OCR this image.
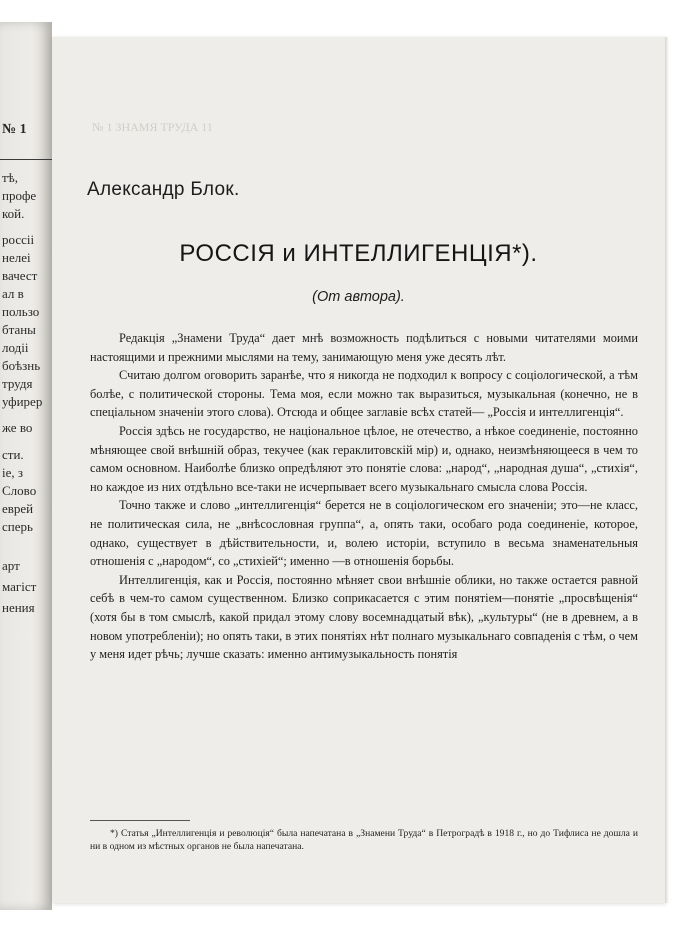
№ 1
тѣ,
профе
кой.
россіі
нелеі
вачест
ал в
пользо
бтаны
лодіі
боѣзнь
трудя
уфирер
же во
сти.
іе, з
Слово
еврей
сперь
арт
магіст
нения
№ 1 ЗНАМЯ ТРУДА 11
Александр Блок.
РОССІЯ и ИНТЕЛЛИГЕНЦІЯ*).
(От автора).

Редакція „Знамени Труда“ дает мнѣ возможность подѣлиться с новыми читателями моими настоящими и прежними мыслями на тему, занимающую меня уже десять лѣт.

Считаю долгом оговорить заранѣе, что я никогда не подходил к вопросу с соціологической, а тѣм болѣе, с политической стороны. Тема моя, если можно так выразиться, музыкальная (конечно, не в спеціальном значеніи этого слова). Отсюда и общее заглавіе всѣх статей— „Россія и интеллигенція“.

Россія здѣсь не государство, не національное цѣлое, не отечество, а нѣкое соединеніе, постоянно мѣняющее свой внѣшній образ, текучее (как гераклитовскій мір) и, однако, неизмѣняющееся в чем то самом основном. Наиболѣе близко опредѣляют это понятіе слова: „народ“, „народная душа“, „стихія“, но каждое из них отдѣльно все-таки не исчерпывает всего музыкальнаго смысла слова Россія.

Точно также и слово „интеллигенція“ берется не в соціологическом его значеніи; это—не класс, не политическая сила, не „внѣсословная группа“, а, опять таки, особаго рода соединеніе, которое, однако, существует в дѣйствительности, и, волею исторіи, вступило в весьма знаменательныя отношенія с „народом“, со „стихіей“; именно —в отношенія борьбы.

Интеллигенція, как и Россія, постоянно мѣняет свои внѣшніе облики, но также остается равной себѣ в чем-то самом существенном. Близко соприкасается с этим понятіем—понятіе „просвѣщенія“ (хотя бы в том смыслѣ, какой придал этому слову восемнадцатый вѣк), „культуры“ (не в древнем, а в новом употребленіи); но опять таки, в этих понятіях нѣт полнаго музыкальнаго совпаденія с тѣм, о чем у меня идет рѣчь; лучше сказать: именно антимузыкальность понятія

*) Статья „Интеллигенція и революція“ была напечатана в „Знамени Труда“ в Петроградѣ в 1918 г., но до Тифлиса не дошла и ни в одном из мѣстных органов не была напечатана.
